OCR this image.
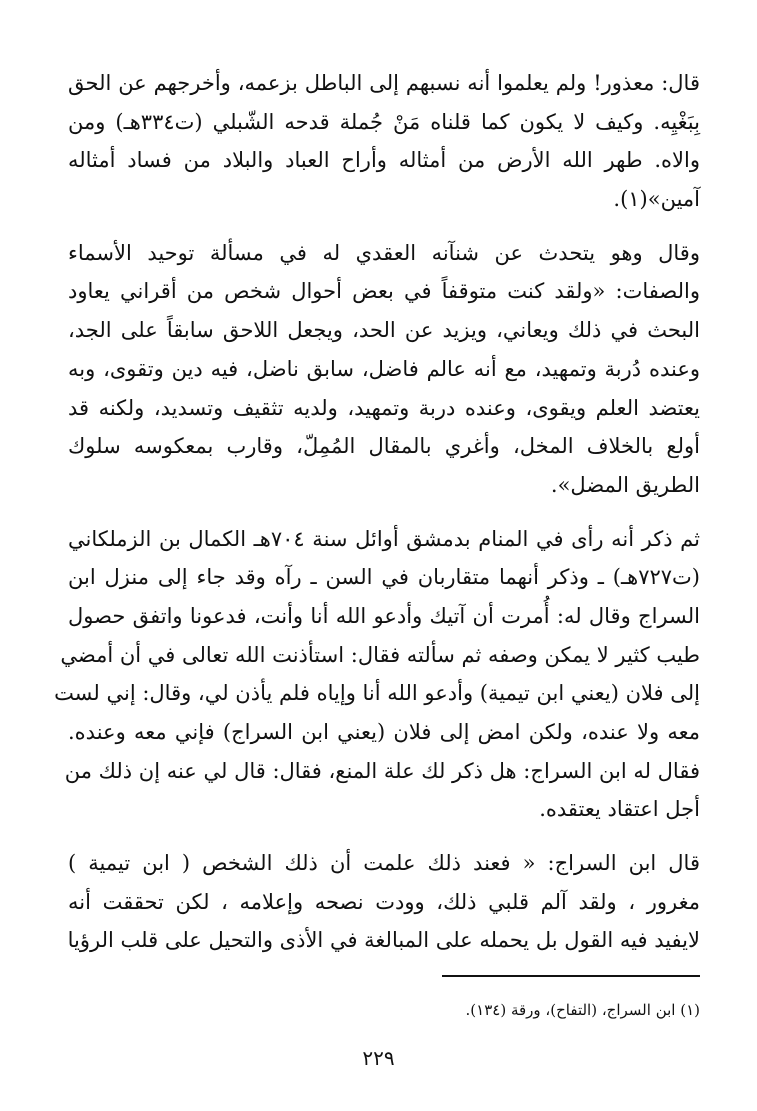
قال: معذور! ولم يعلموا أنه نسبهم إلى الباطل بزعمه، وأخرجهم عن الحق
بِبَغْيِه. وكيف لا يكون كما قلناه مَنْ جُملة قدحه الشّبلي (ت٣٣٤هـ) ومن
والاه. طهر الله الأرض من أمثاله وأراح العباد والبلاد من فساد أمثاله
آمين»(١).
وقال وهو يتحدث عن شنآنه العقدي له في مسألة توحيد الأسماء
والصفات: «ولقد كنت متوقفاً في بعض أحوال شخص من أقراني يعاود
البحث في ذلك ويعاني، ويزيد عن الحد، ويجعل اللاحق سابقاً على الجد،
وعنده دُربة وتمهيد، مع أنه عالم فاضل، سابق ناضل، فيه دين وتقوى، وبه
يعتضد العلم ويقوى، وعنده دربة وتمهيد، ولديه تثقيف وتسديد، ولكنه قد
أولع بالخلاف المخل، وأغري بالمقال المُمِلّ، وقارب بمعكوسه سلوك
الطريق المضل».
ثم ذكر أنه رأى في المنام بدمشق أوائل سنة ٧٠٤هـ الكمال بن الزملكاني
(ت٧٢٧هـ) ـ وذكر أنهما متقاربان في السن ـ رآه وقد جاء إلى منزل ابن
السراج وقال له: أُمرت أن آتيك وأدعو الله أنا وأنت، فدعونا واتفق حصول
طيب كثير لا يمكن وصفه ثم سألته فقال: استأذنت الله تعالى في أن أمضي
إلى فلان (يعني ابن تيمية) وأدعو الله أنا وإياه فلم يأذن لي، وقال: إني لست
معه ولا عنده، ولكن امض إلى فلان (يعني ابن السراج) فإني معه وعنده.
فقال له ابن السراج: هل ذكر لك علة المنع، فقال: قال لي عنه إن ذلك من
أجل اعتقاد يعتقده.
قال ابن السراج: « فعند ذلك علمت أن ذلك الشخص ( ابن تيمية )
مغرور ، ولقد آلم قلبي ذلك، وودت نصحه وإعلامه ، لكن تحققت أنه
لايفيد فيه القول بل يحمله على المبالغة في الأذى والتحيل على قلب الرؤيا
(١) ابن السراج، (التفاح)، ورقة (١٣٤).
٢٢٩
